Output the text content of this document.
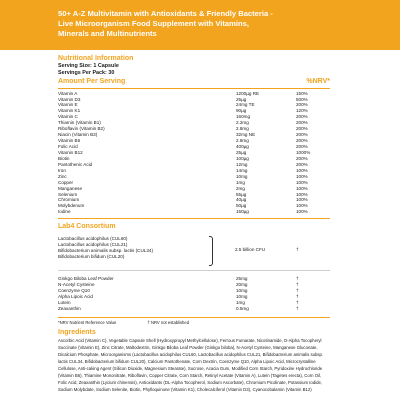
50+ A-Z Multivitamin with Antioxidants & Friendly Bacteria -
Live Microorganism Food Supplement with Vitamins,
Minerals and Multinutrients
Nutritional Information
Serving Size: 1 Capsule
Servings Per Pack: 30
Amount Per Serving	%NRV*
Vitamin A	1200µg RE	150%
Vitamin D3	25µg	500%
Vitamin E	24mg TE	200%
Vitamin K1	90µg	120%
Vitamin C	160mg	200%
Thiamin (Vitamin B1)	2.2mg	200%
Riboflavin (Vitamin B2)	2.8mg	200%
Niacin (Vitamin B3)	32mg NE	200%
Vitamin B6	2.8mg	200%
Folic Acid	400µg	200%
Vitamin B12	25µg	1000%
Biotin	100µg	200%
Pantothenic Acid	12mg	200%
Iron	14mg	100%
Zinc	10mg	100%
Copper	1mg	100%
Manganese	2mg	100%
Selenium	55µg	100%
Chromium	40µg	100%
Molybdenum	50µg	100%
Iodine	150µg	100%
Lab4 Consortium
Lactobacillus acidophilus (CUL60)
Lactobacillus acidophilus (CUL21)
Bifidobacterium animalis subsp. lactis (CUL34)
Bifidobacterium bifidum (CUL20)
2.5 billion CFU	†
Ginkgo Biloba Leaf Powder	25mg	†
N-Acetyl Cysteine	20mg	†
Coenzyme Q10	10mg	†
Alpha Lipoic Acid	10mg	†
Lutein	1mg	†
Zeaxanthin	0.5mg	†
*NRV Nutrient Reference Value	† NRV not established
Ingredients
Ascorbic Acid (Vitamin C), Vegetable Capsule Shell (Hydroxypropyl Methylcellulose), Ferrous Fumarate, Nicotinamide, D-Alpha Tocopheryl Succinate (Vitamin E), Zinc Citrate, Maltodextrin, Ginkgo Biloba Leaf Powder (Ginkgo biloba), N-Acetyl Cysteine, Manganese Gluconate, Dicalcium Phosphate, Microorganisms (Lactobacillus acidophilus CUL60, Lactobacillus acidophilus CUL21, Bifidobacterium animalis subsp. lactis CUL34, Bifidobacterium bifidum CUL20), Calcium Pantothenate, Corn Dextrin, Coenzyme Q10, Alpha Lipoic Acid, Microcrystalline Cellulose, Anti-caking Agent (Silicon Dioxide, Magnesium Stearate), Sucrose, Acacia Gum, Modified Corn Starch, Pyridoxine Hydrochloride (Vitamin B6), Thiamine Mononitrate, Riboflavin, Copper Citrate, Corn Starch, Retinyl Acetate (Vitamin A), Lutein (Tagetes erecta), Corn Oil, Folic Acid, Zeaxanthin (Lycium chinensis), Antioxidants (DL-Alpha Tocopherol, Sodium Ascorbate), Chromium Picolinate, Potassium Iodide, Sodium Molybdate, Sodium Selenite, Biotin, Phylloquinone (Vitamin K1), Cholecalciferol (Vitamin D3), Cyanocobalamin (Vitamin B12)
